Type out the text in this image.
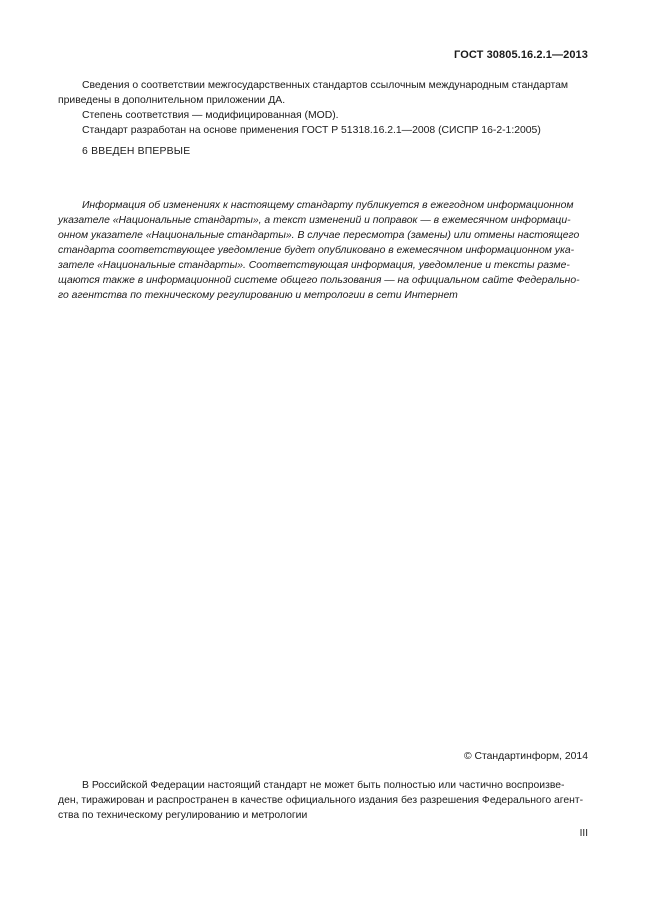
ГОСТ 30805.16.2.1—2013
Сведения о соответствии межгосударственных стандартов ссылочным международным стандартам
приведены в дополнительном приложении ДА.
Степень соответствия — модифицированная (MOD).
Стандарт разработан на основе применения ГОСТ Р 51318.16.2.1—2008 (СИСПР 16-2-1:2005)
6 ВВЕДЕН ВПЕРВЫЕ
Информация об изменениях к настоящему стандарту публикуется в ежегодном информационном
указателе «Национальные стандарты», а текст изменений и поправок — в ежемесячном информаци-
онном указателе «Национальные стандарты». В случае пересмотра (замены) или отмены настоящего
стандарта соответствующее уведомление будет опубликовано в ежемесячном информационном ука-
зателе «Национальные стандарты». Соответствующая информация, уведомление и тексты разме-
щаются также в информационной системе общего пользования — на официальном сайте Федерально-
го агентства по техническому регулированию и метрологии в сети Интернет
© Стандартинформ, 2014
В Российской Федерации настоящий стандарт не может быть полностью или частично воспроизве-
ден, тиражирован и распространен в качестве официального издания без разрешения Федерального агент-
ства по техническому регулированию и метрологии
III
